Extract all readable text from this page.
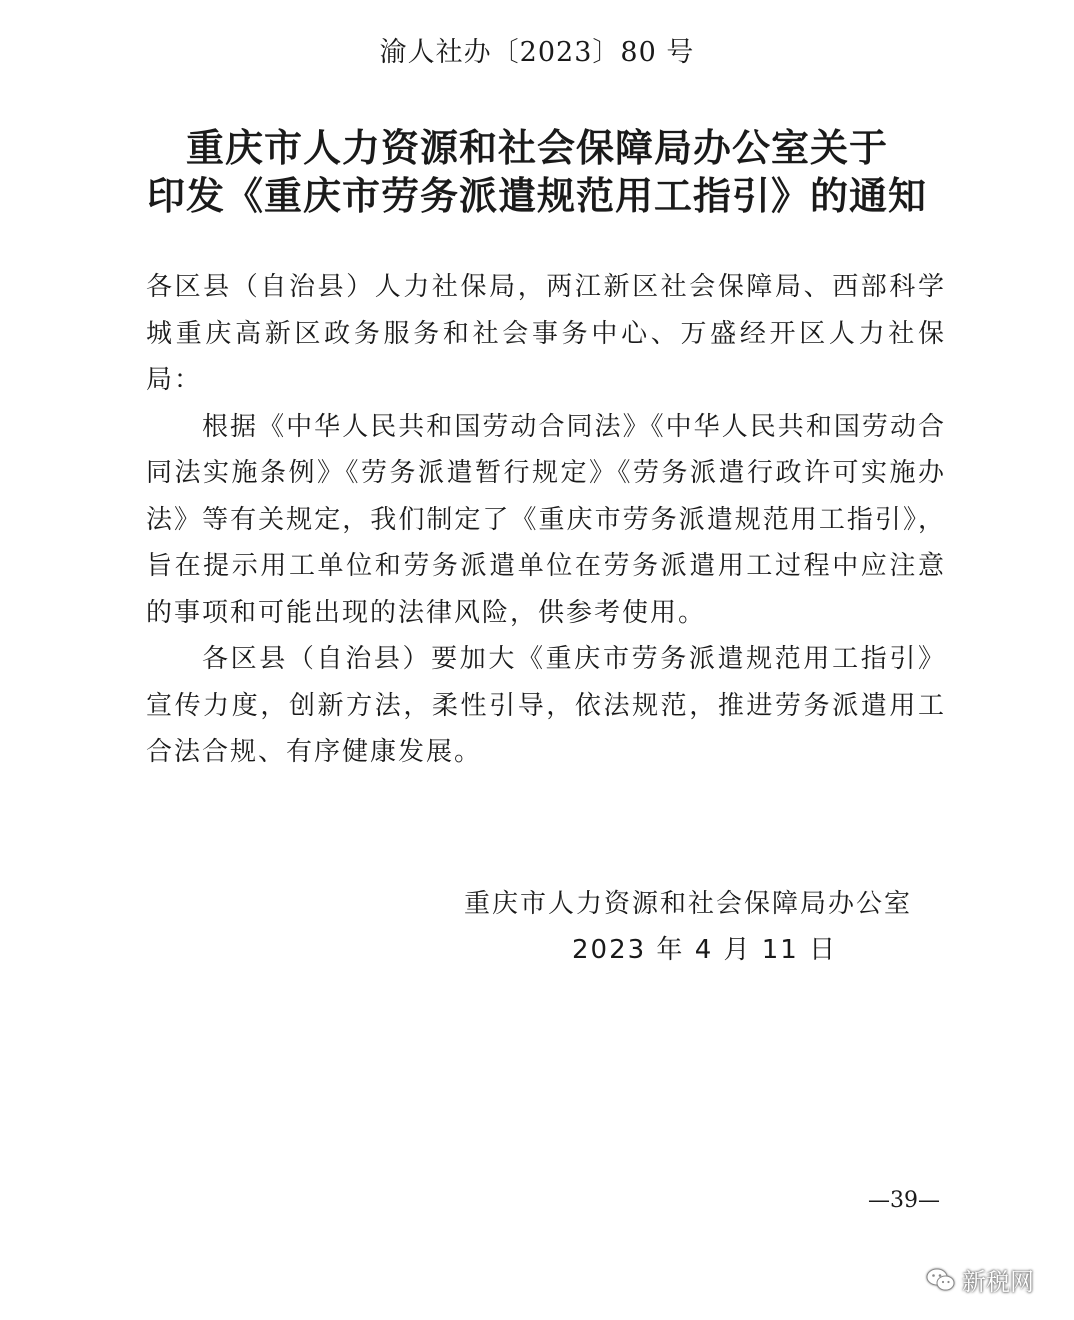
渝人社办〔2023〕80 号
重庆市人力资源和社会保障局办公室关于
印发《重庆市劳务派遣规范用工指引》的通知

各区县（自治县）人力社保局，两江新区社会保障局、西部科学城重庆高新区政务服务和社会事务中心、万盛经开区人力社保局：

根据《中华人民共和国劳动合同法》《中华人民共和国劳动合同法实施条例》《劳务派遣暂行规定》《劳务派遣行政许可实施办法》等有关规定，我们制定了《重庆市劳务派遣规范用工指引》，旨在提示用工单位和劳务派遣单位在劳务派遣用工过程中应注意的事项和可能出现的法律风险，供参考使用。

各区县（自治县）要加大《重庆市劳务派遣规范用工指引》宣传力度，创新方法，柔性引导，依法规范，推进劳务派遣用工合法合规、有序健康发展。

重庆市人力资源和社会保障局办公室
2023 年 4 月 11 日
—39—
新税网
